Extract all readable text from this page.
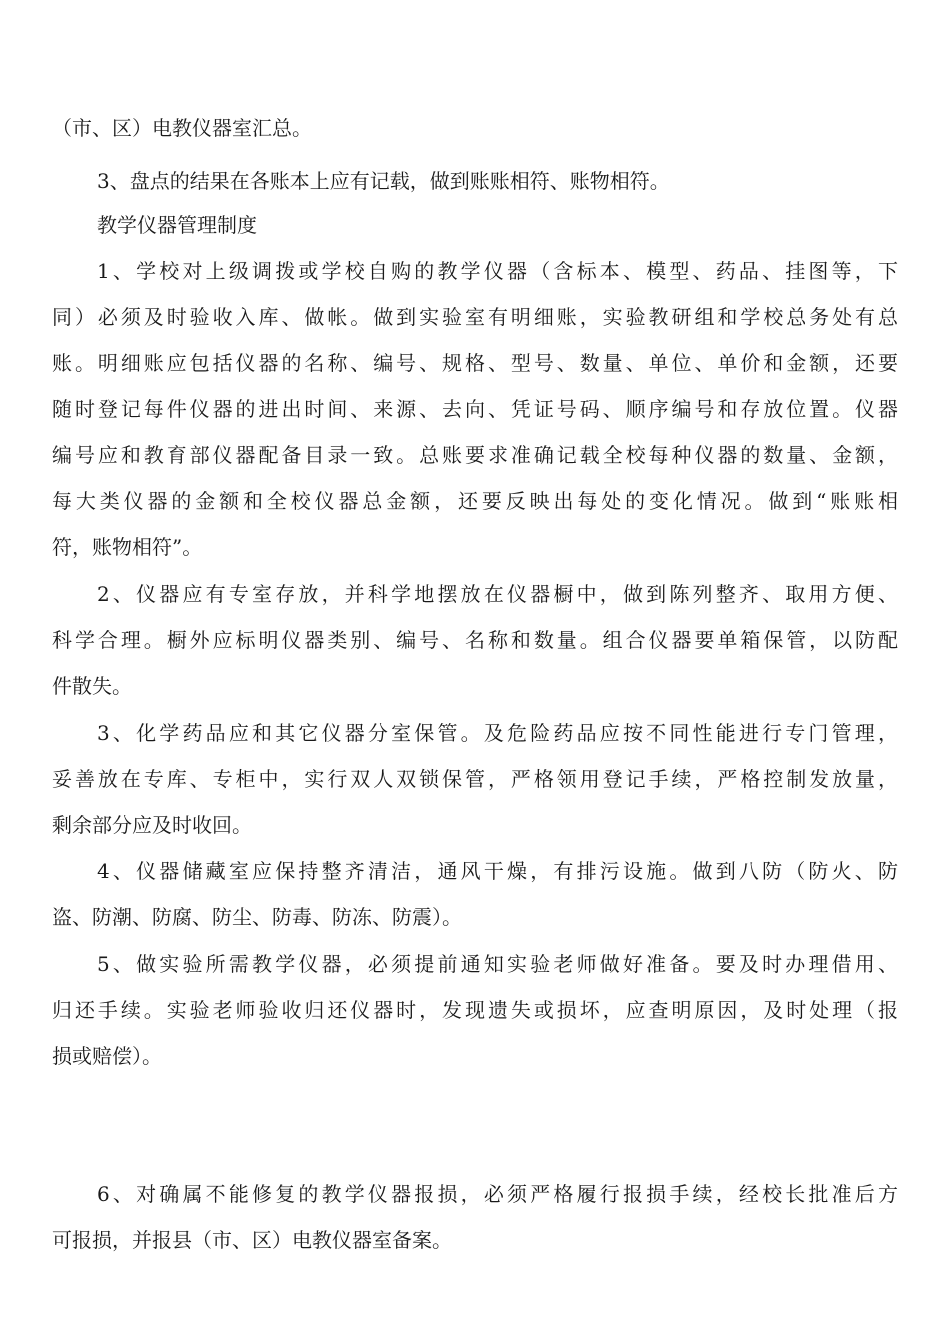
（市、区）电教仪器室汇总。

3、盘点的结果在各账本上应有记载，做到账账相符、账物相符。

教学仪器管理制度

1、学校对上级调拨或学校自购的教学仪器（含标本、模型、药品、挂图等，下

同）必须及时验收入库、做帐。做到实验室有明细账，实验教研组和学校总务处有总

账。明细账应包括仪器的名称、编号、规格、型号、数量、单位、单价和金额，还要

随时登记每件仪器的进出时间、来源、去向、凭证号码、顺序编号和存放位置。仪器

编号应和教育部仪器配备目录一致。总账要求准确记载全校每种仪器的数量、金额，

每大类仪器的金额和全校仪器总金额，还要反映出每处的变化情况。做到“账账相

符，账物相符”。

2、仪器应有专室存放，并科学地摆放在仪器橱中，做到陈列整齐、取用方便、

科学合理。橱外应标明仪器类别、编号、名称和数量。组合仪器要单箱保管，以防配

件散失。

3、化学药品应和其它仪器分室保管。及危险药品应按不同性能进行专门管理，

妥善放在专库、专柜中，实行双人双锁保管，严格领用登记手续，严格控制发放量，

剩余部分应及时收回。

4、仪器储藏室应保持整齐清洁，通风干燥，有排污设施。做到八防（防火、防

盗、防潮、防腐、防尘、防毒、防冻、防震）。

5、做实验所需教学仪器，必须提前通知实验老师做好准备。要及时办理借用、

归还手续。实验老师验收归还仪器时，发现遗失或损坏，应查明原因，及时处理（报

损或赔偿）。

6、对确属不能修复的教学仪器报损，必须严格履行报损手续，经校长批准后方

可报损，并报县（市、区）电教仪器室备案。
